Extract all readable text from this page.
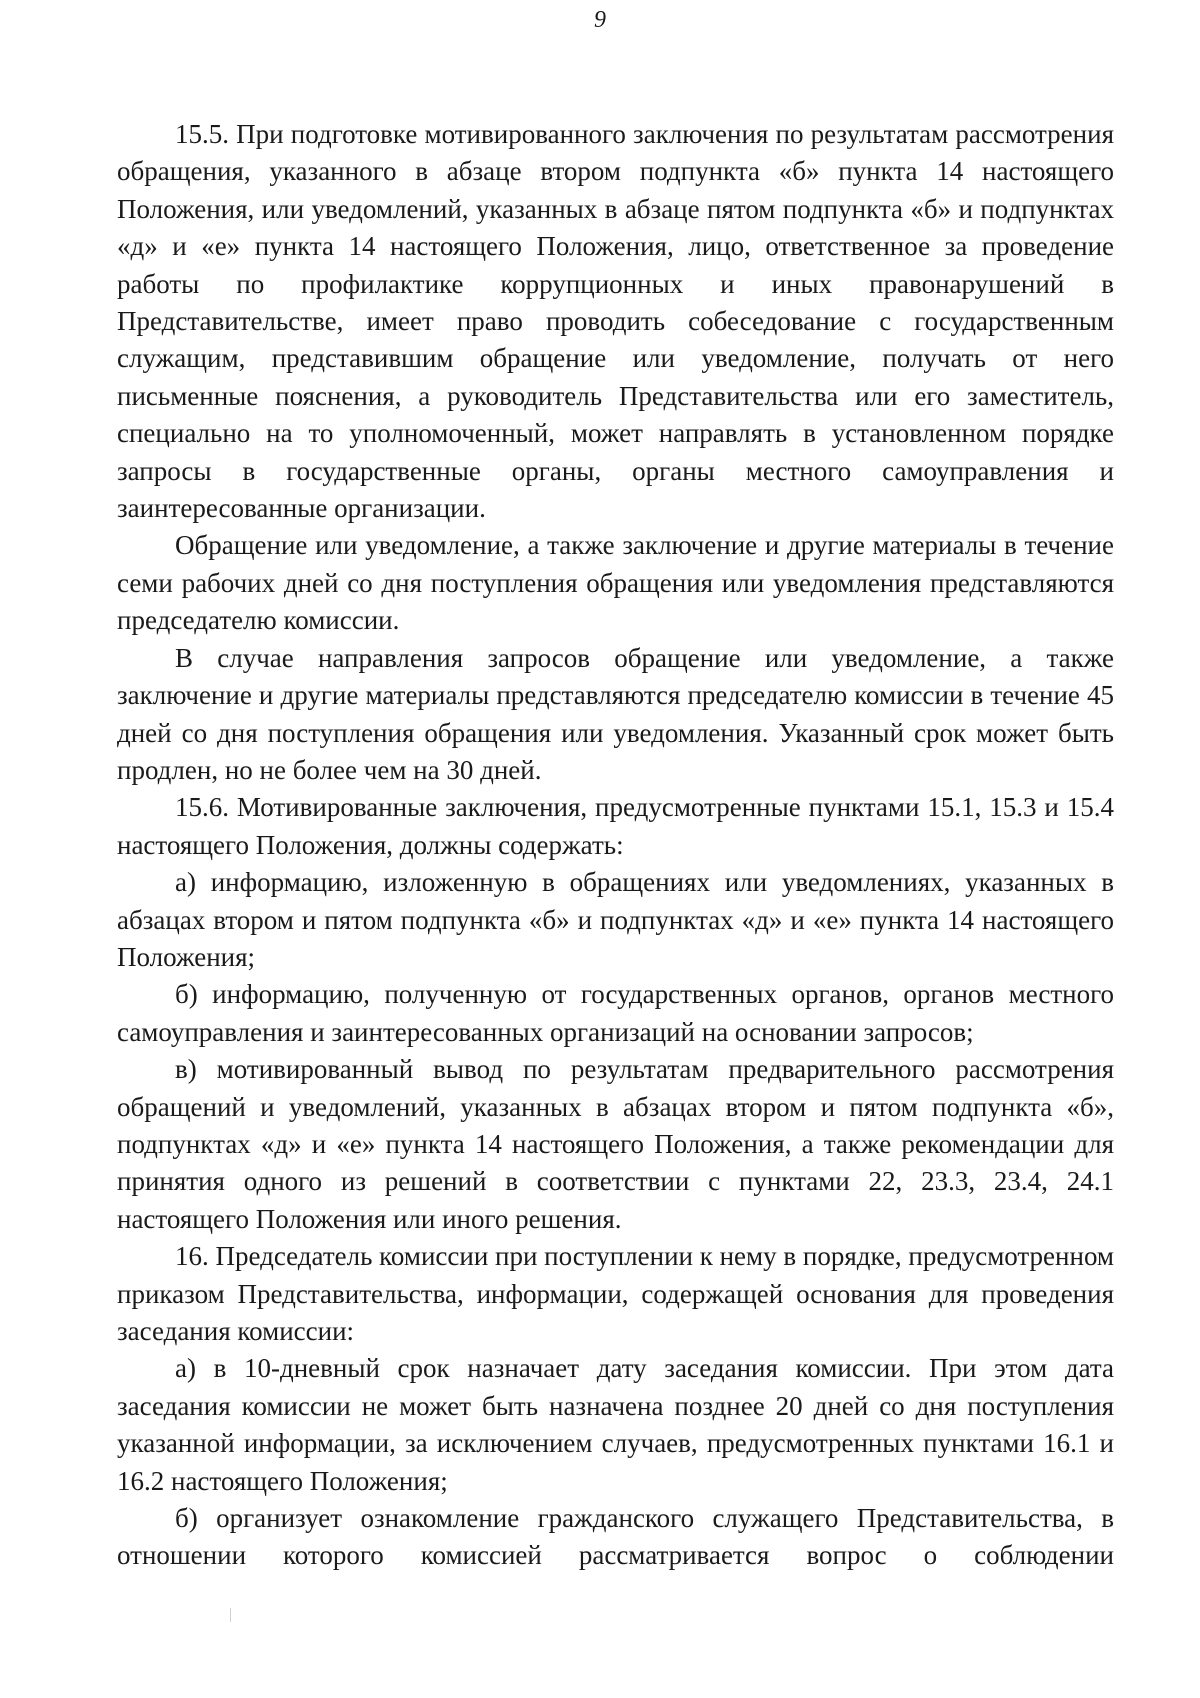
9

15.5. При подготовке мотивированного заключения по результатам рассмотрения обращения, указанного в абзаце втором подпункта «б» пункта 14 настоящего Положения, или уведомлений, указанных в абзаце пятом подпункта «б» и подпунктах «д» и «е» пункта 14 настоящего Положения, лицо, ответственное за проведение работы по профилактике коррупционных и иных правонарушений в Представительстве, имеет право проводить собеседование с государственным служащим, представившим обращение или уведомление, получать от него письменные пояснения, а руководитель Представительства или его заместитель, специально на то уполномоченный, может направлять в установленном порядке запросы в государственные органы, органы местного самоуправления и заинтересованные организации.

Обращение или уведомление, а также заключение и другие материалы в течение семи рабочих дней со дня поступления обращения или уведомления представляются председателю комиссии.

В случае направления запросов обращение или уведомление, а также заключение и другие материалы представляются председателю комиссии в течение 45 дней со дня поступления обращения или уведомления. Указанный срок может быть продлен, но не более чем на 30 дней.

15.6. Мотивированные заключения, предусмотренные пунктами 15.1, 15.3 и 15.4 настоящего Положения, должны содержать:

а) информацию, изложенную в обращениях или уведомлениях, указанных в абзацах втором и пятом подпункта «б» и подпунктах «д» и «е» пункта 14 настоящего Положения;

б) информацию, полученную от государственных органов, органов местного самоуправления и заинтересованных организаций на основании запросов;

в) мотивированный вывод по результатам предварительного рассмотрения обращений и уведомлений, указанных в абзацах втором и пятом подпункта «б», подпунктах «д» и «е» пункта 14 настоящего Положения, а также рекомендации для принятия одного из решений в соответствии с пунктами 22, 23.3, 23.4, 24.1 настоящего Положения или иного решения.

16. Председатель комиссии при поступлении к нему в порядке, предусмотренном приказом Представительства, информации, содержащей основания для проведения заседания комиссии:

а) в 10-дневный срок назначает дату заседания комиссии. При этом дата заседания комиссии не может быть назначена позднее 20 дней со дня поступления указанной информации, за исключением случаев, предусмотренных пунктами 16.1 и 16.2 настоящего Положения;

б) организует ознакомление гражданского служащего Представительства, в отношении которого комиссией рассматривается вопрос о соблюдении
